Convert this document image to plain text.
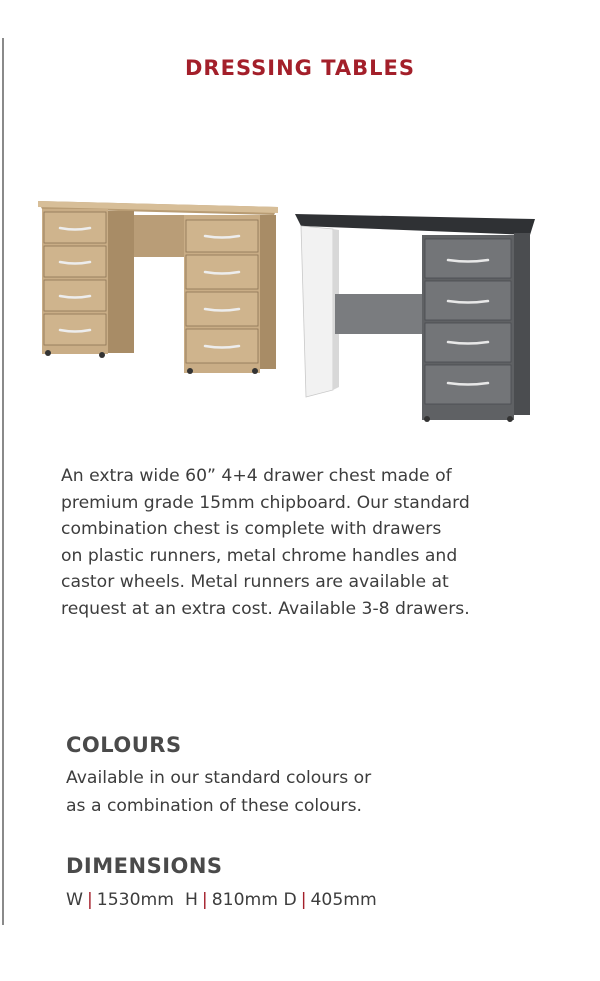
DRESSING TABLES

An extra wide 60” 4+4 drawer chest made of

premium grade 15mm chipboard. Our standard

combination chest is complete with drawers

on plastic runners, metal chrome handles and

castor wheels. Metal runners are available at

request at an extra cost. Available 3-8 drawers.

COLOURS

Available in our standard colours or

as a combination of these colours.

DIMENSIONS
W | 1530mm H | 810mm D | 405mm
